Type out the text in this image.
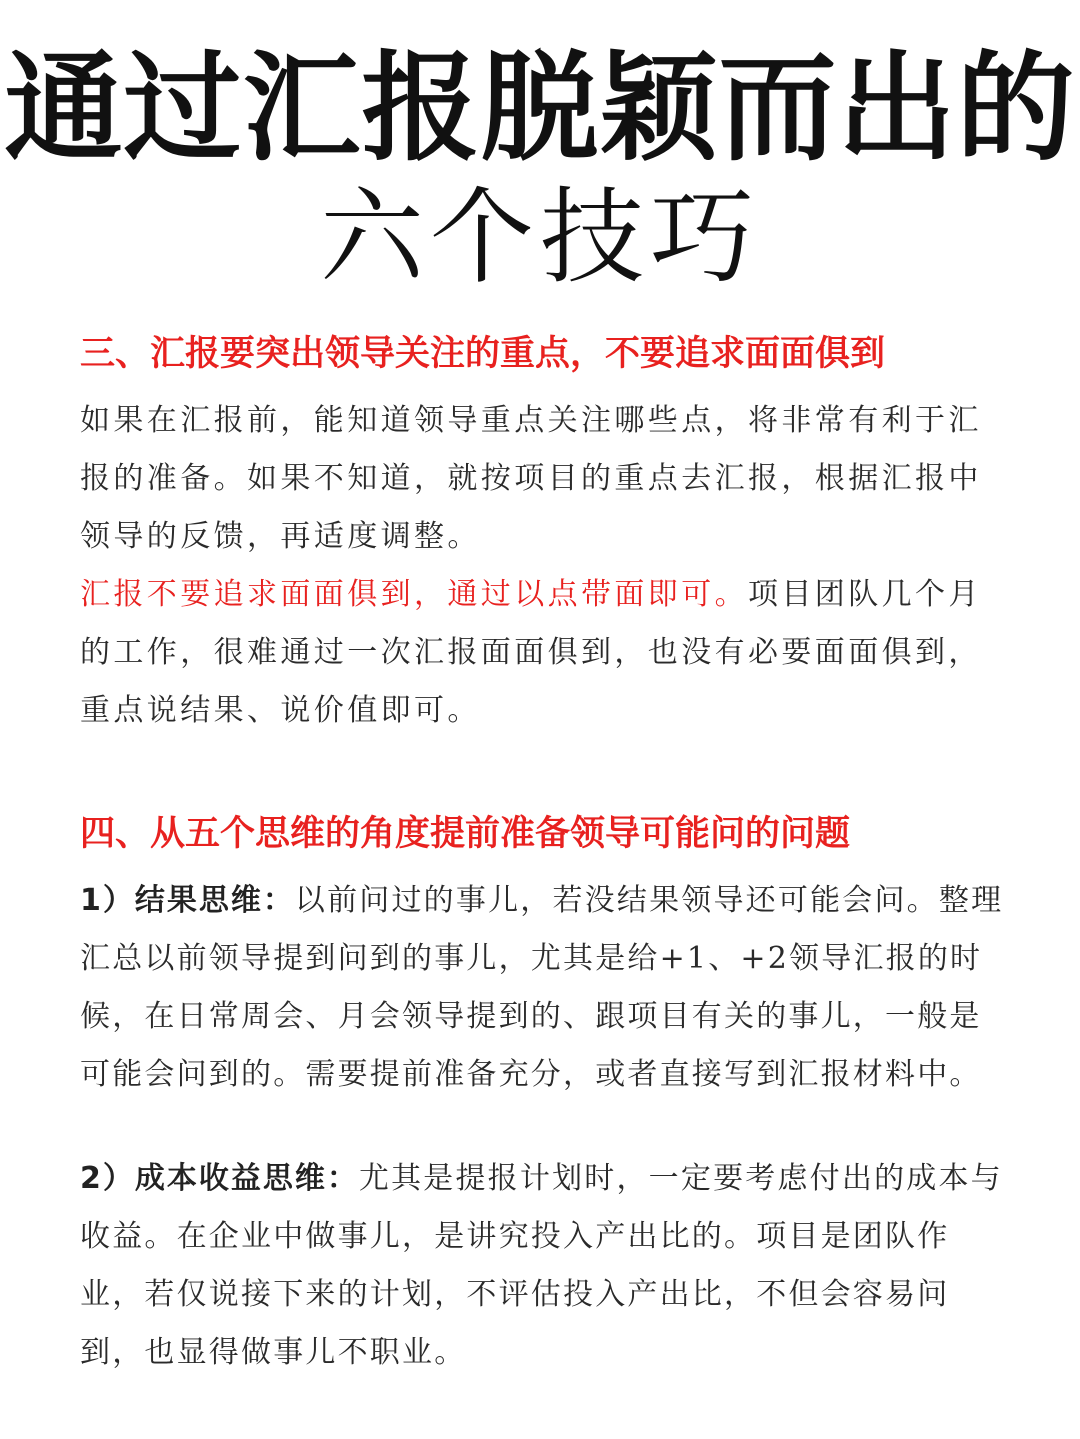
通过汇报脱颖而出的
六个技巧

三、汇报要突出领导关注的重点，不要追求面面俱到

如果在汇报前，能知道领导重点关注哪些点，将非常有利于汇报的准备。如果不知道，就按项目的重点去汇报，根据汇报中领导的反馈，再适度调整。

汇报不要追求面面俱到，通过以点带面即可。项目团队几个月的工作，很难通过一次汇报面面俱到，也没有必要面面俱到，重点说结果、说价值即可。

四、从五个思维的角度提前准备领导可能问的问题

1）结果思维：以前问过的事儿，若没结果领导还可能会问。整理汇总以前领导提到问到的事儿，尤其是给+1、+2领导汇报的时候，在日常周会、月会领导提到的、跟项目有关的事儿，一般是可能会问到的。需要提前准备充分，或者直接写到汇报材料中。

2）成本收益思维：尤其是提报计划时，一定要考虑付出的成本与收益。在企业中做事儿，是讲究投入产出比的。项目是团队作业，若仅说接下来的计划，不评估投入产出比，不但会容易问到，也显得做事儿不职业。
